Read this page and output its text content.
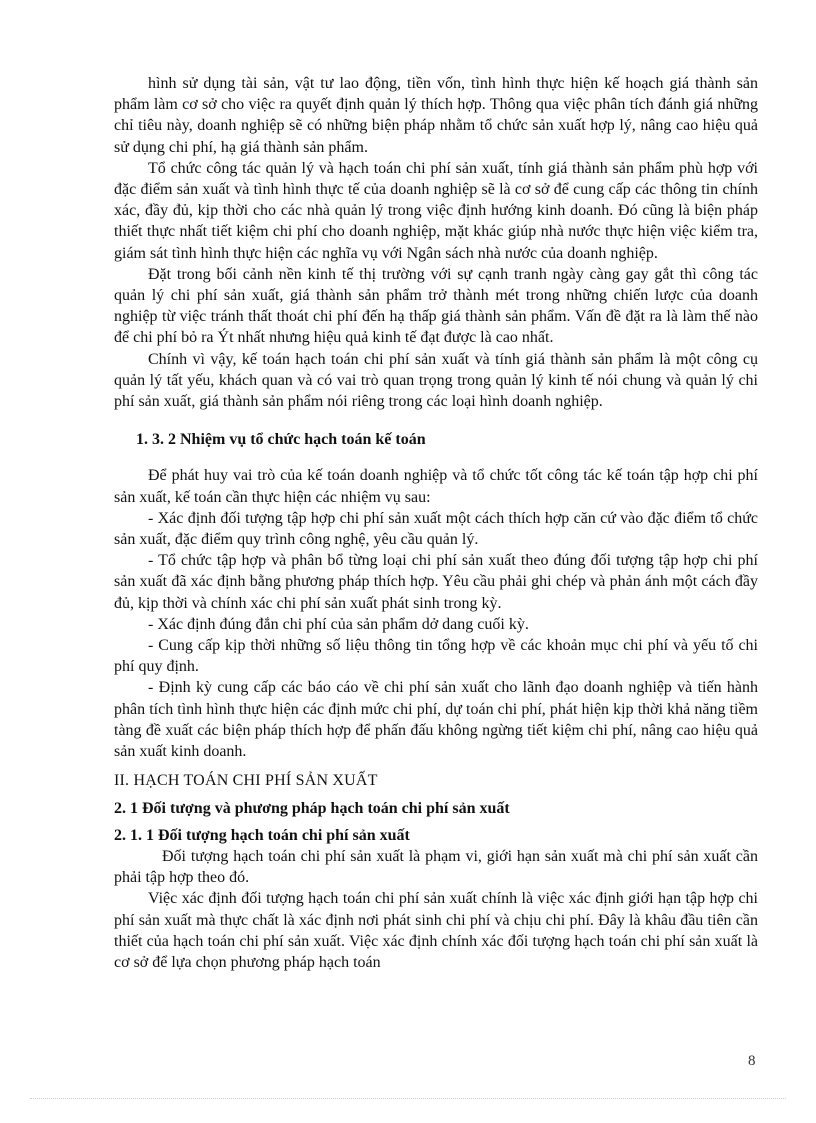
hình sử dụng tài sản, vật tư lao động, tiền vốn, tình hình thực hiện kế hoạch giá thành sản phẩm làm cơ sở cho việc ra quyết định quản lý thích hợp. Thông qua việc phân tích đánh giá những chỉ tiêu này, doanh nghiệp sẽ có những biện pháp nhằm tổ chức sản xuất hợp lý, nâng cao hiệu quả sử dụng chi phí, hạ giá thành sản phẩm.

Tổ chức công tác quản lý và hạch toán chi phí sản xuất, tính giá thành sản phẩm phù hợp với đặc điểm sản xuất và tình hình thực tế của doanh nghiệp sẽ là cơ sở để cung cấp các thông tin chính xác, đầy đủ, kịp thời cho các nhà quản lý trong việc định hướng kinh doanh. Đó cũng là biện pháp thiết thực nhất tiết kiệm chi phí cho doanh nghiệp, mặt khác giúp nhà nước thực hiện việc kiểm tra, giám sát tình hình thực hiện các nghĩa vụ với Ngân sách nhà nước của doanh nghiệp.

Đặt trong bối cảnh nền kinh tế thị trường với sự cạnh tranh ngày càng gay gắt thì công tác quản lý chi phí sản xuất, giá thành sản phẩm trở thành mét trong những chiến lược của doanh nghiệp từ việc tránh thất thoát chi phí đến hạ thấp giá thành sản phẩm. Vấn đề đặt ra là làm thế nào để chi phí bỏ ra Ýt nhất nhưng hiệu quả kinh tế đạt được là cao nhất.

Chính vì vậy, kế toán hạch toán chi phí sản xuất và tính giá thành sản phẩm là một công cụ quản lý tất yếu, khách quan và có vai trò quan trọng trong quản lý kinh tế nói chung và quản lý chi phí sản xuất, giá thành sản phẩm nói riêng trong các loại hình doanh nghiệp.

1. 3. 2 Nhiệm vụ tổ chức hạch toán kế toán

Để phát huy vai trò của kế toán doanh nghiệp và tổ chức tốt công tác kế toán tập hợp chi phí sản xuất, kế toán cần thực hiện các nhiệm vụ sau:

- Xác định đối tượng tập hợp chi phí sản xuất một cách thích hợp căn cứ vào đặc điểm tổ chức sản xuất, đặc điểm quy trình công nghệ, yêu cầu quản lý.

- Tổ chức tập hợp và phân bổ từng loại chi phí sản xuất theo đúng đối tượng tập hợp chi phí sản xuất đã xác định bằng phương pháp thích hợp. Yêu cầu phải ghi chép và phản ánh một cách đầy đủ, kịp thời và chính xác chi phí sản xuất phát sinh trong kỳ.

- Xác định đúng đắn chi phí của sản phẩm dở dang cuối kỳ.

- Cung cấp kịp thời những số liệu thông tin tổng hợp về các khoản mục chi phí và yếu tố chi phí quy định.

- Định kỳ cung cấp các báo cáo về chi phí sản xuất cho lãnh đạo doanh nghiệp và tiến hành phân tích tình hình thực hiện các định mức chi phí, dự toán chi phí, phát hiện kịp thời khả năng tiềm tàng đề xuất các biện pháp thích hợp để phấn đấu không ngừng tiết kiệm chi phí, nâng cao hiệu quả sản xuất kinh doanh.

II. HẠCH TOÁN CHI PHÍ SẢN XUẤT

2. 1 Đối tượng và phương pháp hạch toán chi phí sản xuất

2. 1. 1 Đối tượng hạch toán chi phí sản xuất

Đối tượng hạch toán chi phí sản xuất là phạm vi, giới hạn sản xuất mà chi phí sản xuất cần phải tập hợp theo đó.

Việc xác định đối tượng hạch toán chi phí sản xuất chính là việc xác định giới hạn tập hợp chi phí sản xuất mà thực chất là xác định nơi phát sinh chi phí và chịu chi phí. Đây là khâu đầu tiên cần thiết của hạch toán chi phí sản xuất. Việc xác định chính xác đối tượng hạch toán chi phí sản xuất là cơ sở để lựa chọn phương pháp hạch toán

8
